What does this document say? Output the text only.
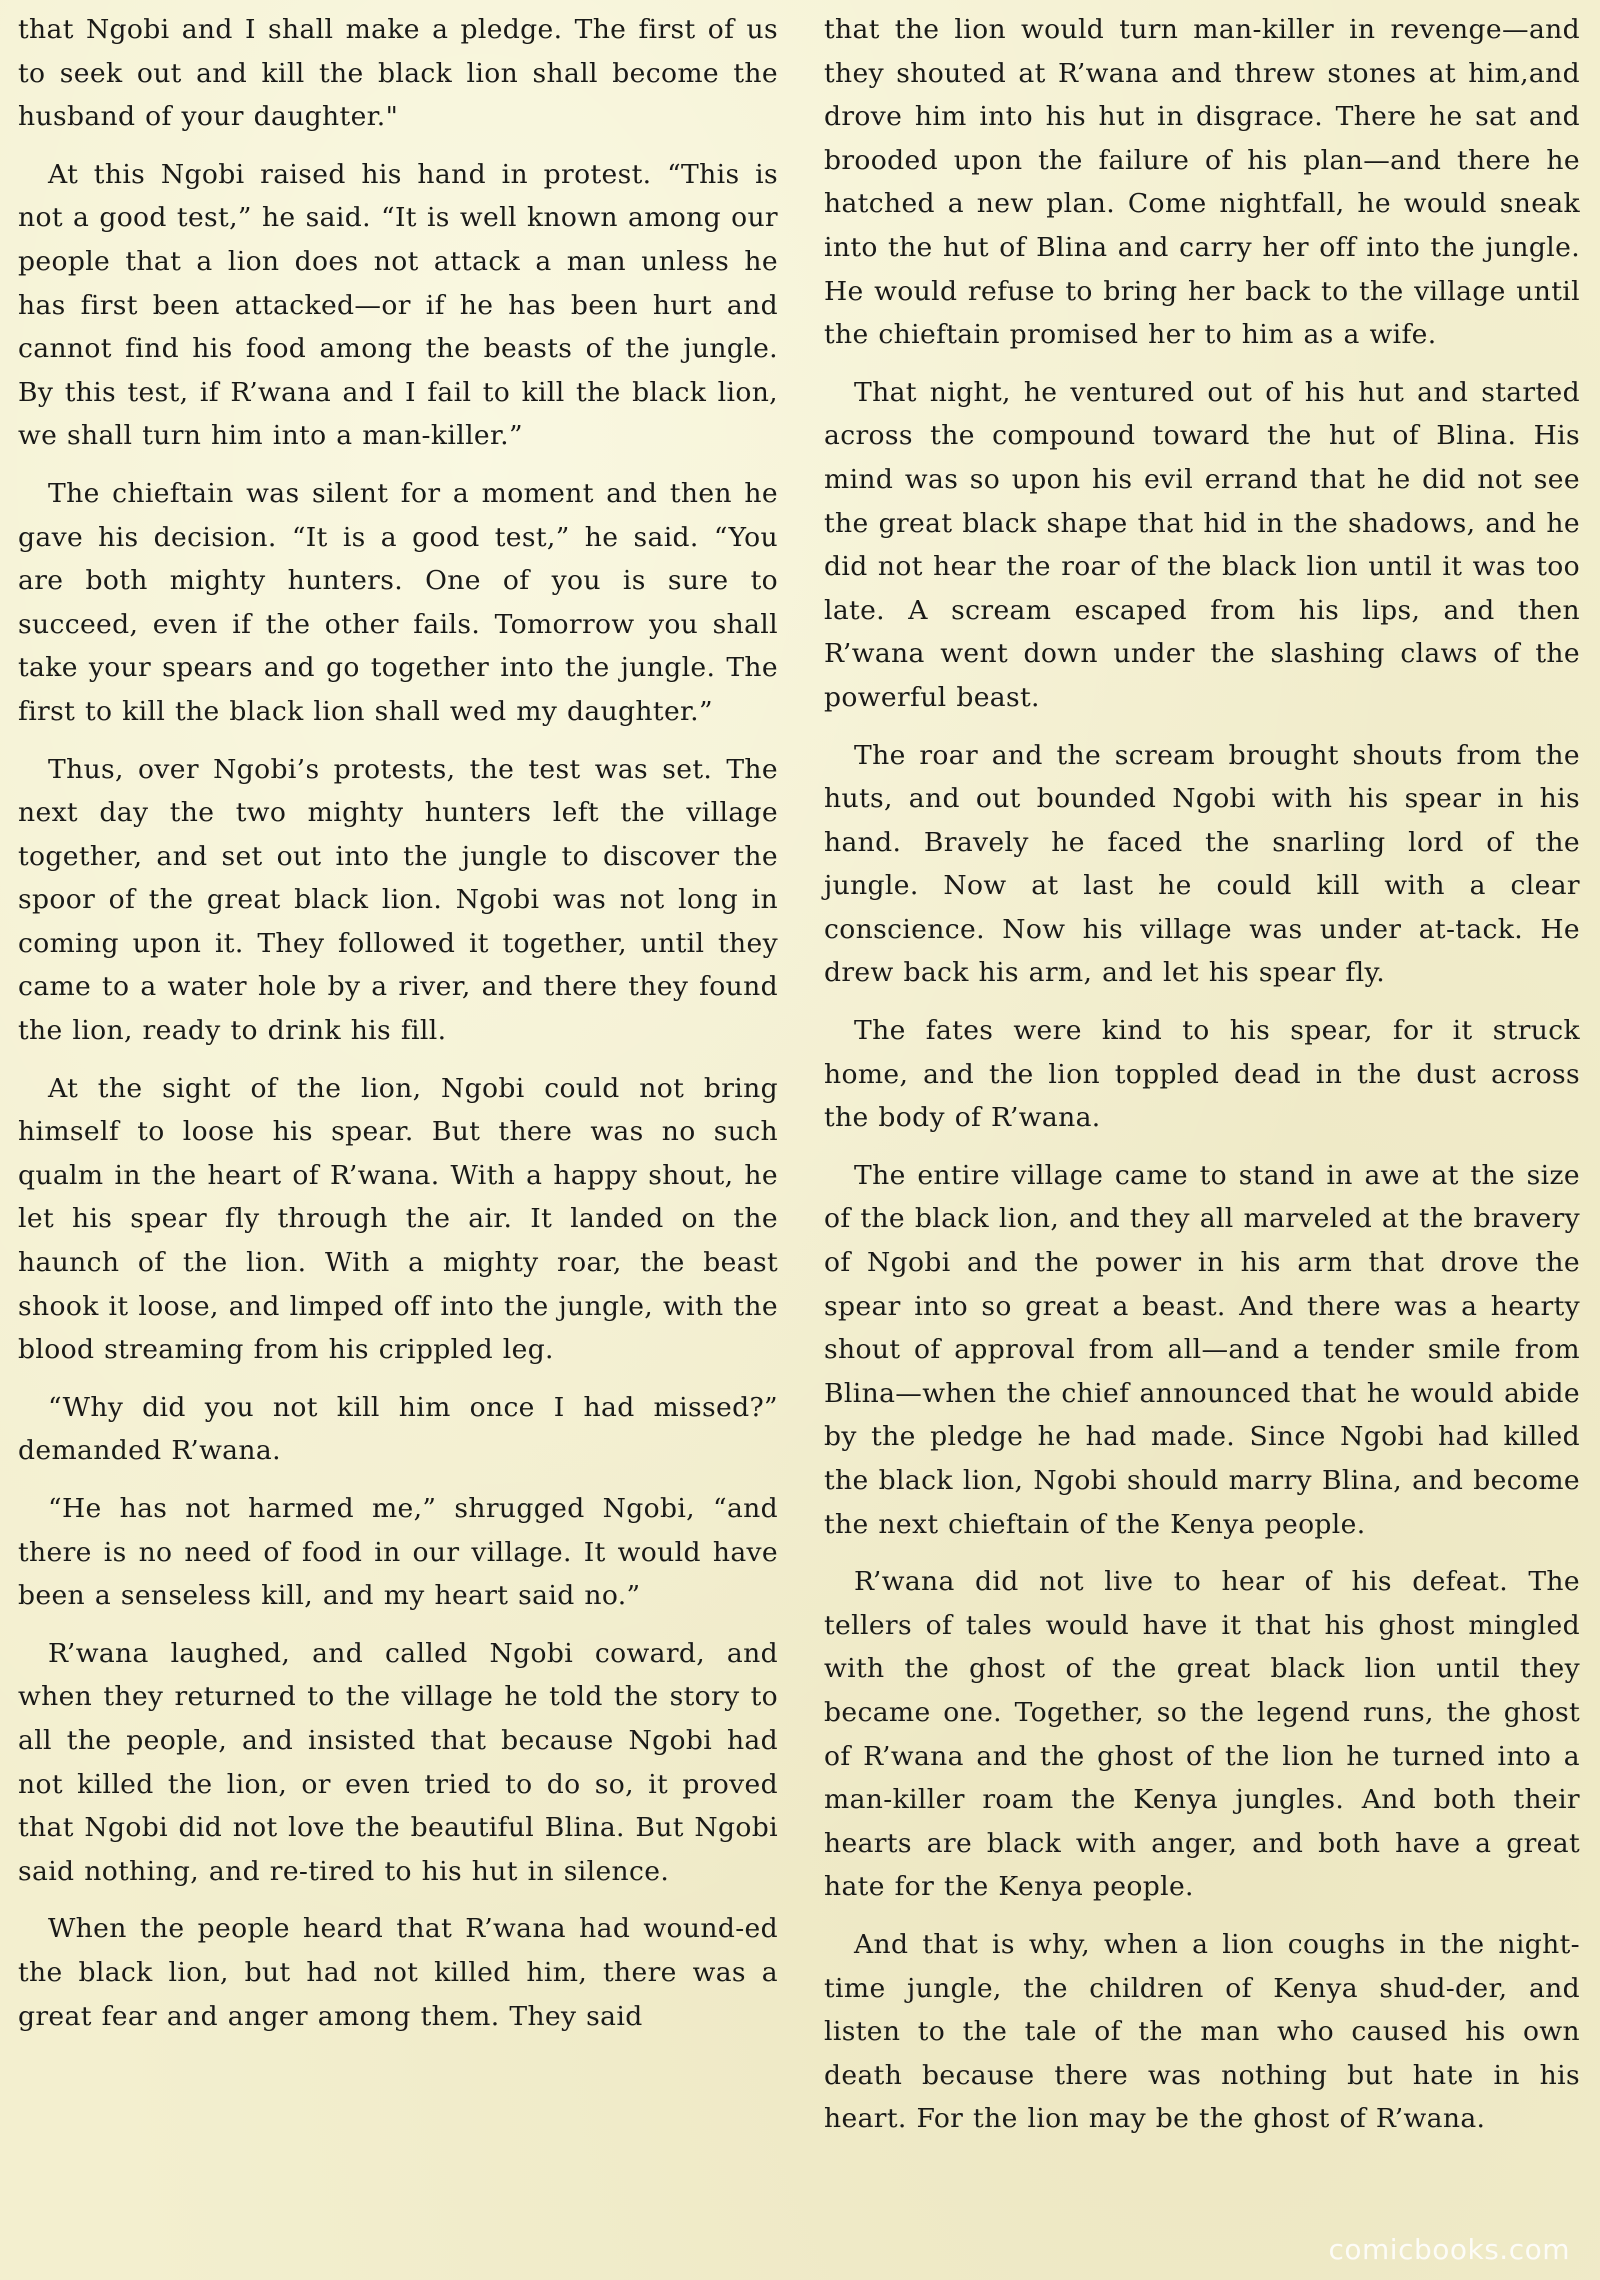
that Ngobi and I shall make a pledge. The first of us to seek out and kill the black lion shall become the husband of your daughter."

At this Ngobi raised his hand in protest. “This is not a good test,” he said. “It is well known among our people that a lion does not attack a man unless he has first been attacked—or if he has been hurt and cannot find his food among the beasts of the jungle. By this test, if R’wana and I fail to kill the black lion, we shall turn him into a man-killer.”

The chieftain was silent for a moment and then he gave his decision. “It is a good test,” he said. “You are both mighty hunters. One of you is sure to succeed, even if the other fails. Tomorrow you shall take your spears and go together into the jungle. The first to kill the black lion shall wed my daughter.”

Thus, over Ngobi’s protests, the test was set. The next day the two mighty hunters left the village together, and set out into the jungle to discover the spoor of the great black lion. Ngobi was not long in coming upon it. They followed it together, until they came to a water hole by a river, and there they found the lion, ready to drink his fill.

At the sight of the lion, Ngobi could not bring himself to loose his spear. But there was no such qualm in the heart of R’wana. With a happy shout, he let his spear fly through the air. It landed on the haunch of the lion. With a mighty roar, the beast shook it loose, and limped off into the jungle, with the blood streaming from his crippled leg.

“Why did you not kill him once I had missed?” demanded R’wana.

“He has not harmed me,” shrugged Ngobi, “and there is no need of food in our village. It would have been a senseless kill, and my heart said no.”

R’wana laughed, and called Ngobi coward, and when they returned to the village he told the story to all the people, and insisted that because Ngobi had not killed the lion, or even tried to do so, it proved that Ngobi did not love the beautiful Blina. But Ngobi said nothing, and re-tired to his hut in silence.

When the people heard that R’wana had wound-ed the black lion, but had not killed him, there was a great fear and anger among them. They said

that the lion would turn man-killer in revenge—and they shouted at R’wana and threw stones at him,and drove him into his hut in disgrace. There he sat and brooded upon the failure of his plan—and there he hatched a new plan. Come nightfall, he would sneak into the hut of Blina and carry her off into the jungle. He would refuse to bring her back to the village until the chieftain promised her to him as a wife.

That night, he ventured out of his hut and started across the compound toward the hut of Blina. His mind was so upon his evil errand that he did not see the great black shape that hid in the shadows, and he did not hear the roar of the black lion until it was too late. A scream escaped from his lips, and then R’wana went down under the slashing claws of the powerful beast.

The roar and the scream brought shouts from the huts, and out bounded Ngobi with his spear in his hand. Bravely he faced the snarling lord of the jungle. Now at last he could kill with a clear conscience. Now his village was under at-tack. He drew back his arm, and let his spear fly.

The fates were kind to his spear, for it struck home, and the lion toppled dead in the dust across the body of R’wana.

The entire village came to stand in awe at the size of the black lion, and they all marveled at the bravery of Ngobi and the power in his arm that drove the spear into so great a beast. And there was a hearty shout of approval from all—and a tender smile from Blina—when the chief announced that he would abide by the pledge he had made. Since Ngobi had killed the black lion, Ngobi should marry Blina, and become the next chieftain of the Kenya people.

R’wana did not live to hear of his defeat. The tellers of tales would have it that his ghost mingled with the ghost of the great black lion until they became one. Together, so the legend runs, the ghost of R’wana and the ghost of the lion he turned into a man-killer roam the Kenya jungles. And both their hearts are black with anger, and both have a great hate for the Kenya people.

And that is why, when a lion coughs in the night-time jungle, the children of Kenya shud-der, and listen to the tale of the man who caused his own death because there was nothing but hate in his heart. For the lion may be the ghost of R’wana.

comicbooks.com
